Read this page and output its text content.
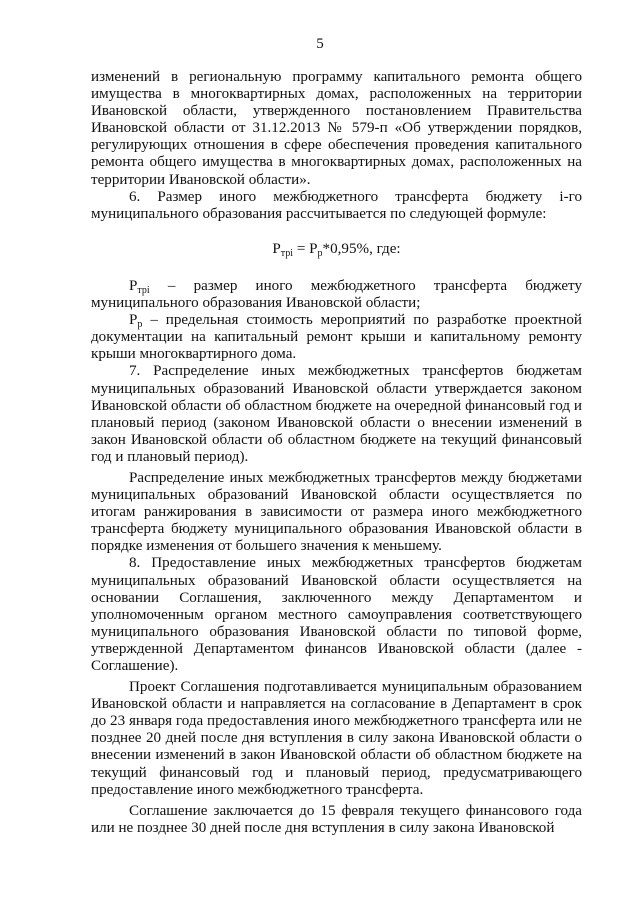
5

изменений в региональную программу капитального ремонта общего имущества в многоквартирных домах, расположенных на территории Ивановской области, утвержденного постановлением Правительства Ивановской области от 31.12.2013 № 579-п «Об утверждении порядков, регулирующих отношения в сфере обеспечения проведения капитального ремонта общего имущества в многоквартирных домах, расположенных на территории Ивановской области».

6. Размер иного межбюджетного трансферта бюджету i-го муниципального образования рассчитывается по следующей формуле:

$P_{трі} = P_р*0,95\%$, где:

$P_{трі}$ – размер иного межбюджетного трансферта бюджету муниципального образования Ивановской области;

$P_р$ – предельная стоимость мероприятий по разработке проектной документации на капитальный ремонт крыши и капитальному ремонту крыши многоквартирного дома.

7. Распределение иных межбюджетных трансфертов бюджетам муниципальных образований Ивановской области утверждается законом Ивановской области об областном бюджете на очередной финансовый год и плановый период (законом Ивановской области о внесении изменений в закон Ивановской области об областном бюджете на текущий финансовый год и плановый период).

Распределение иных межбюджетных трансфертов между бюджетами муниципальных образований Ивановской области осуществляется по итогам ранжирования в зависимости от размера иного межбюджетного трансферта бюджету муниципального образования Ивановской области в порядке изменения от большего значения к меньшему.

8. Предоставление иных межбюджетных трансфертов бюджетам муниципальных образований Ивановской области осуществляется на основании Соглашения, заключенного между Департаментом и уполномоченным органом местного самоуправления соответствующего муниципального образования Ивановской области по типовой форме, утвержденной Департаментом финансов Ивановской области (далее - Соглашение).

Проект Соглашения подготавливается муниципальным образованием Ивановской области и направляется на согласование в Департамент в срок до 23 января года предоставления иного межбюджетного трансферта или не позднее 20 дней после дня вступления в силу закона Ивановской области о внесении изменений в закон Ивановской области об областном бюджете на текущий финансовый год и плановый период, предусматривающего предоставление иного межбюджетного трансферта.

Соглашение заключается до 15 февраля текущего финансового года или не позднее 30 дней после дня вступления в силу закона Ивановской
